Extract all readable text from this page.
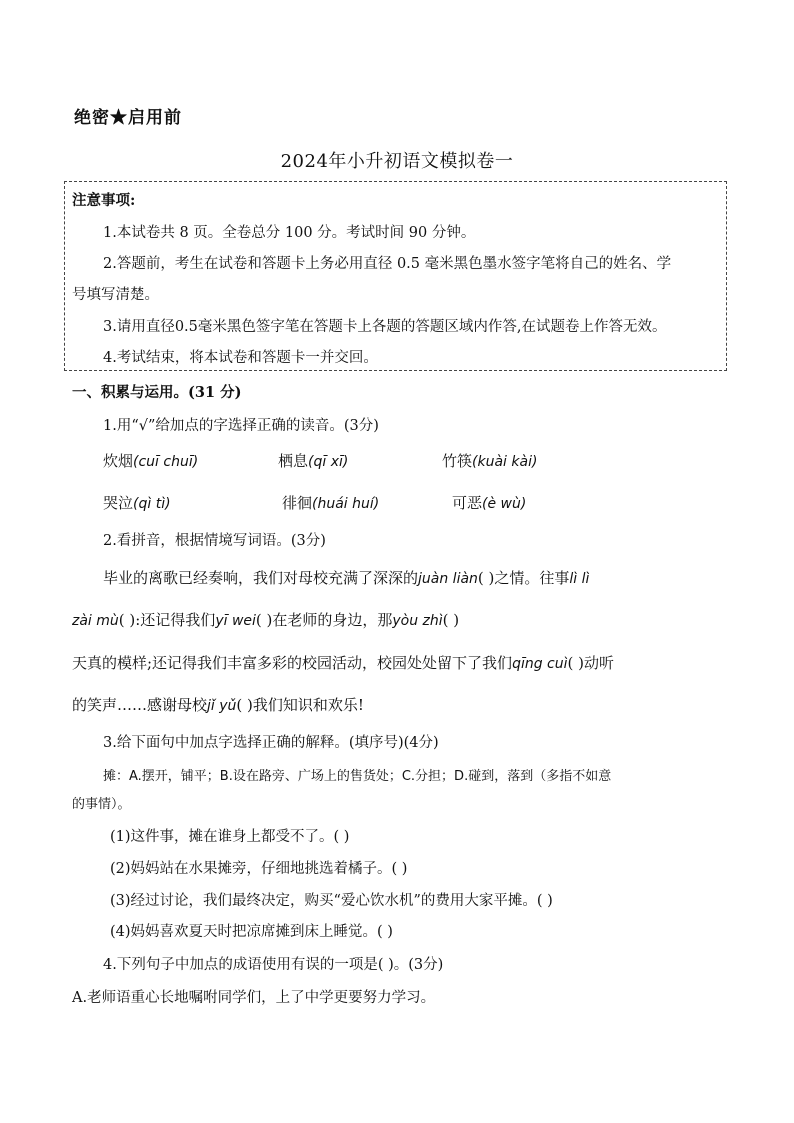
绝密★启用前
2024年小升初语文模拟卷一
注意事项:
1.本试卷共 8 页。全卷总分 100 分。考试时间 90 分钟。
2.答题前，考生在试卷和答题卡上务必用直径 0.5 毫米黑色墨水签字笔将自己的姓名、学
号填写清楚。
3.请用直径0.5毫米黑色签字笔在答题卡上各题的答题区域内作答,在试题卷上作答无效。
4.考试结束，将本试卷和答题卡一并交回。
一、积累与运用。(31 分)
1.用“√”给加点的字选择正确的读音。(3分)
炊烟(cuī chuī)	栖息(qī xī)	竹筷(kuài kài)
哭泣(qì tì)	徘徊(huái huí)	可恶(è wù)
2.看拼音，根据情境写词语。(3分)
毕业的离歌已经奏响，我们对母校充满了深深的juàn liàn( )之情。往事lì lì
zài mù( ):还记得我们yī wei( )在老师的身边，那yòu zhì( )
天真的模样;还记得我们丰富多彩的校园活动，校园处处留下了我们qīng cuì( )动听
的笑声……感谢母校jǐ yǔ( )我们知识和欢乐!
3.给下面句中加点字选择正确的解释。(填序号)(4分)
摊：A.摆开，铺平；B.设在路旁、广场上的售货处；C.分担；D.碰到，落到（多指不如意
的事情）。
(1)这件事，摊在谁身上都受不了。( )
(2)妈妈站在水果摊旁，仔细地挑选着橘子。( )
(3)经过讨论，我们最终决定，购买“爱心饮水机”的费用大家平摊。( )
(4)妈妈喜欢夏天时把凉席摊到床上睡觉。( )
4.下列句子中加点的成语使用有误的一项是( )。(3分)
A.老师语重心长地嘱咐同学们，上了中学更要努力学习。
